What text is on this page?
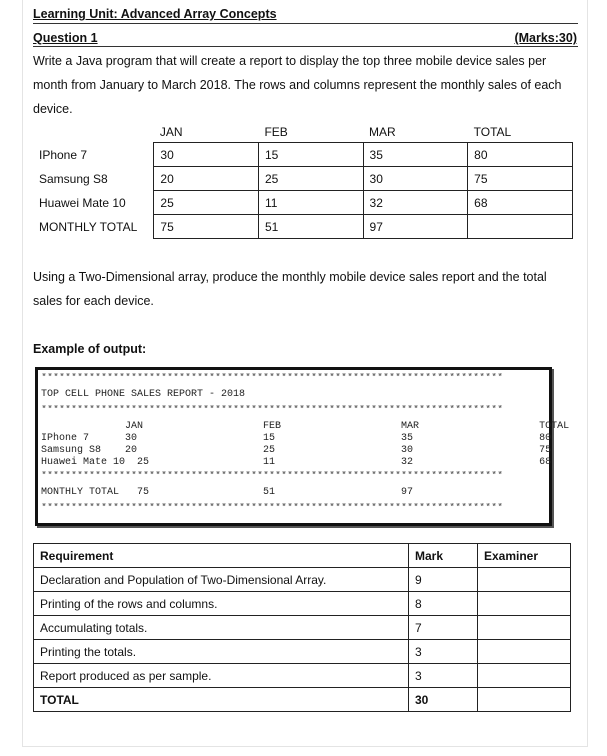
Learning Unit: Advanced Array Concepts
Question 1	(Marks:30)
Write a Java program that will create a report to display the top three mobile device sales per month from January to March 2018. The rows and columns represent the monthly sales of each device.
	JAN	FEB	MAR	TOTAL
IPhone 7	30	15	35	80
Samsung S8	20	25	30	75
Huawei Mate 10	25	11	32	68
MONTHLY TOTAL	75	51	97	
Using a Two-Dimensional array, produce the monthly mobile device sales report and the total sales for each device.
Example of output:
*****************************************************************************
TOP CELL PHONE SALES REPORT - 2018
*****************************************************************************
JAN                    FEB                    MAR                    TOTAL
IPhone 7      30                     15                     35                     80
Samsung S8    20                     25                     30                     75
Huawei Mate 10  25                   11                     32                     68
*****************************************************************************
MONTHLY TOTAL   75                   51                     97
*****************************************************************************
Requirement	Mark	Examiner
Declaration and Population of Two-Dimensional Array.	9	
Printing of the rows and columns.	8	
Accumulating totals.	7	
Printing the totals.	3	
Report produced as per sample.	3	
TOTAL	30	
